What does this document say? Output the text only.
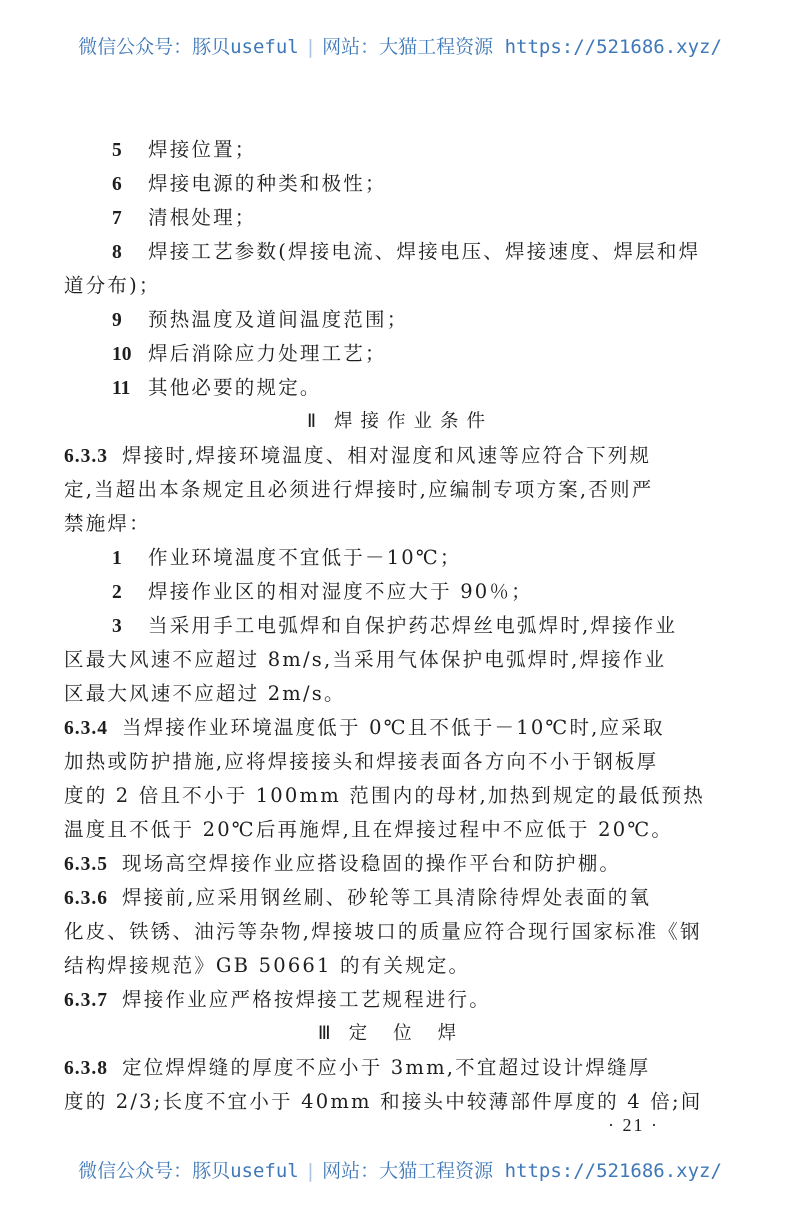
微信公众号：豚贝useful | 网站：大猫工程资源 https://521686.xyz/
5 焊接位置；
6 焊接电源的种类和极性；
7 清根处理；
8 焊接工艺参数(焊接电流、焊接电压、焊接速度、焊层和焊
道分布)；
9 预热温度及道间温度范围；
10 焊后消除应力处理工艺；
11 其他必要的规定。
Ⅱ 焊接作业条件
6.3.3 焊接时,焊接环境温度、相对湿度和风速等应符合下列规
定,当超出本条规定且必须进行焊接时,应编制专项方案,否则严
禁施焊：
1 作业环境温度不宜低于－10℃；
2 焊接作业区的相对湿度不应大于 90％；
3 当采用手工电弧焊和自保护药芯焊丝电弧焊时,焊接作业
区最大风速不应超过 8m/s,当采用气体保护电弧焊时,焊接作业
区最大风速不应超过 2m/s。
6.3.4 当焊接作业环境温度低于 0℃且不低于－10℃时,应采取
加热或防护措施,应将焊接接头和焊接表面各方向不小于钢板厚
度的 2 倍且不小于 100mm 范围内的母材,加热到规定的最低预热
温度且不低于 20℃后再施焊,且在焊接过程中不应低于 20℃。
6.3.5 现场高空焊接作业应搭设稳固的操作平台和防护棚。
6.3.6 焊接前,应采用钢丝刷、砂轮等工具清除待焊处表面的氧
化皮、铁锈、油污等杂物,焊接坡口的质量应符合现行国家标准《钢
结构焊接规范》GB 50661 的有关规定。
6.3.7 焊接作业应严格按焊接工艺规程进行。
Ⅲ 定位焊
6.3.8 定位焊焊缝的厚度不应小于 3mm,不宜超过设计焊缝厚
度的 2/3;长度不宜小于 40mm 和接头中较薄部件厚度的 4 倍;间
· 21 ·
微信公众号：豚贝useful | 网站：大猫工程资源 https://521686.xyz/
